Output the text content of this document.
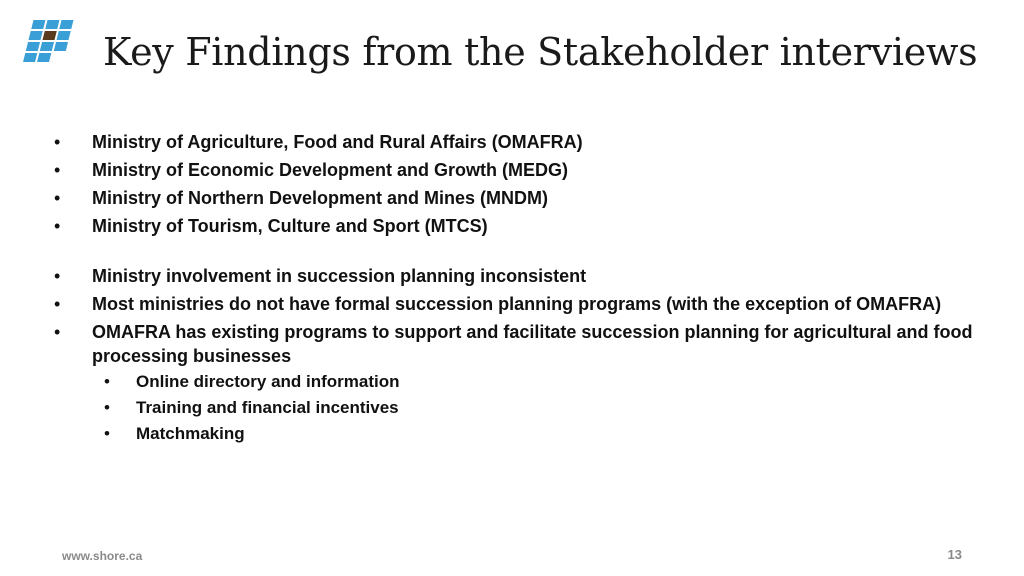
Key Findings from the Stakeholder interviews
• Ministry of Agriculture, Food and Rural Affairs (OMAFRA)
• Ministry of Economic Development and Growth (MEDG)
• Ministry of Northern Development and Mines (MNDM)
• Ministry of Tourism, Culture and Sport (MTCS)
• Ministry involvement in succession planning inconsistent
• Most ministries do not have formal succession planning programs (with the exception of OMAFRA)
• OMAFRA has existing programs to support and facilitate succession planning for agricultural and food processing businesses
• Online directory and information
• Training and financial incentives
• Matchmaking
www.shore.ca	13
